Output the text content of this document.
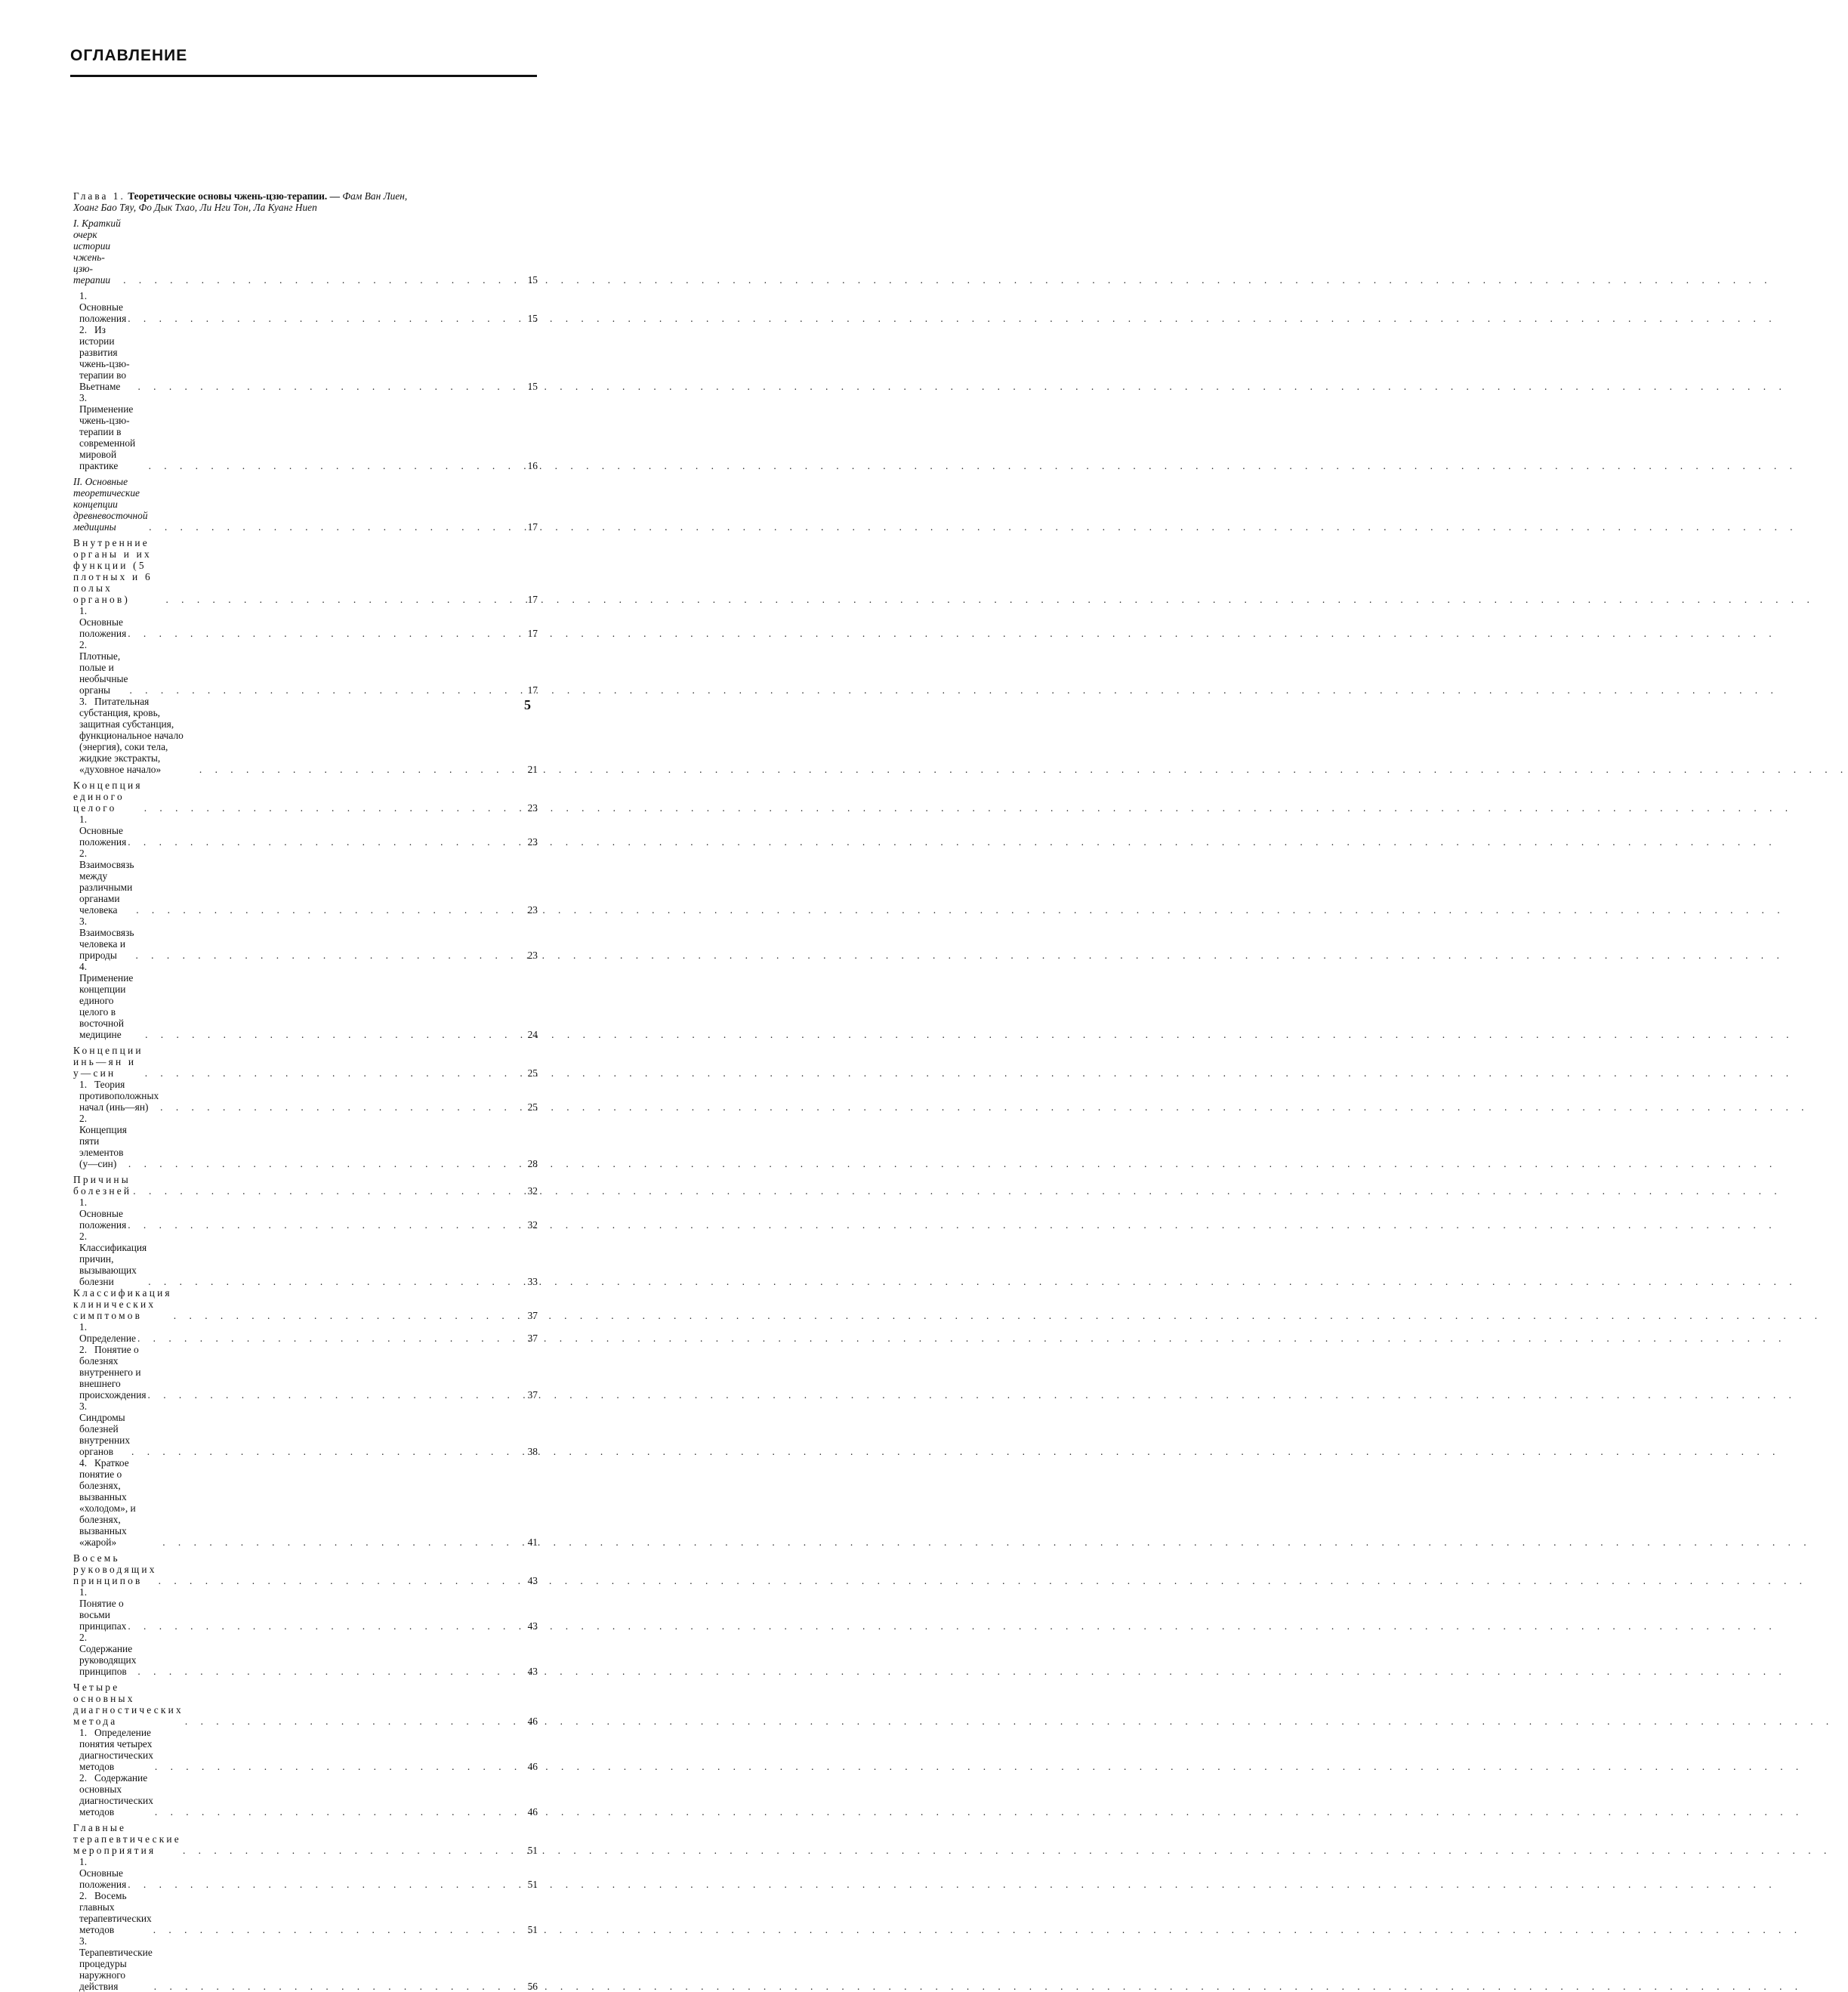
ОГЛАВЛЕНИЕ
Глава 1. Теоретические основы чжень-цзю-терапии. — Фам Ван Лиен,
Хоанг Бао Тяу, Фо Дык Тхао, Ли Нги Тон, Ла Куанг Ниеп
I. Краткий очерк истории чжень-цзю-терапии . . .	15
1.Основные положения . . .	15
2. Из истории развития чжень-цзю-терапии во Вьетнаме . . .	15
3.Применение чжень-цзю-терапии в современной мировой практике . . .	16
II. Основные теоретические концепции древневосточной медицины . . .	17
Внутренние органы и их функции (5 плотных и 6 полых органов) . . .	17
1.Основные положения . . .	17
2.Плотные, полые и необычные органы . . .	17
3. Питательная субстанция, кровь, защитная субстанция, функциональное начало (энергия), соки тела, жидкие экстракты, «духовное начало» . . .	21
Концепция единого целого . . .	23
1.Основные положения . . .	23
2.Взаимосвязь между различными органами человека . . .	23
3.Взаимосвязь человека и природы . . .	23
4.Применение концепции единого целого в восточной медицине . . .	24
Концепции инь—ян и у—син . . .	25
1. Теория противоположных начал (инь—ян) . . .	25
2.Концепция пяти элементов (у—син) . . .	28
Причины болезней . . .	32
1.Основные положения . . .	32
2.Классификация причин, вызывающих болезни . . .	33
Классификация клинических симптомов . . .	37
1.Определение . . .	37
2. Понятие о болезнях внутреннего и внешнего происхождения . . .	37
3.Синдромы болезней внутренних органов . . .	38
4. Краткое понятие о болезнях, вызванных «холодом», и болезнях, вызванных «жарой» . . .	41
Восемь руководящих принципов . . .	43
1.Понятие о восьми принципах . . .	43
2.Содержание руководящих принципов . . .	43
Четыре основных диагностических метода . . .	46
1. Определение понятия четырех диагностических методов . . .	46
2. Содержание основных диагностических методов . . .	46
Главные терапевтические мероприятия . . .	51
1.Основные положения . . .	51
2. Восемь главных терапевтических методов . . .	51
3.Терапевтические процедуры наружного действия . . .	56
5
